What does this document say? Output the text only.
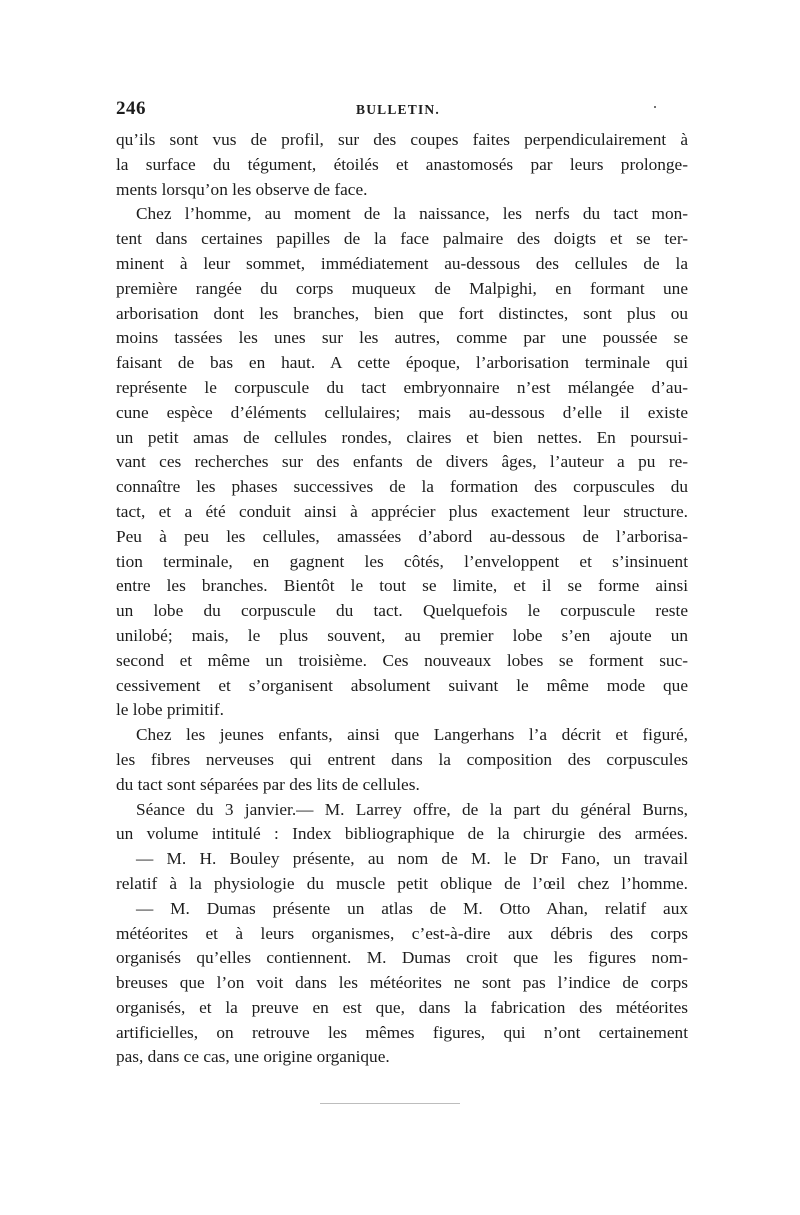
246	BULLETIN.
qu’ils sont vus de profil, sur des coupes faites perpendiculairement à
la surface du tégument, étoilés et anastomosés par leurs prolonge-
ments lorsqu’on les observe de face.
Chez l’homme, au moment de la naissance, les nerfs du tact mon-
tent dans certaines papilles de la face palmaire des doigts et se ter-
minent à leur sommet, immédiatement au-dessous des cellules de la
première rangée du corps muqueux de Malpighi, en formant une
arborisation dont les branches, bien que fort distinctes, sont plus ou
moins tassées les unes sur les autres, comme par une poussée se
faisant de bas en haut. A cette époque, l’arborisation terminale qui
représente le corpuscule du tact embryonnaire n’est mélangée d’au-
cune espèce d’éléments cellulaires; mais au-dessous d’elle il existe
un petit amas de cellules rondes, claires et bien nettes. En poursui-
vant ces recherches sur des enfants de divers âges, l’auteur a pu re-
connaître les phases successives de la formation des corpuscules du
tact, et a été conduit ainsi à apprécier plus exactement leur structure.
Peu à peu les cellules, amassées d’abord au-dessous de l’arborisa-
tion terminale, en gagnent les côtés, l’enveloppent et s’insinuent
entre les branches. Bientôt le tout se limite, et il se forme ainsi
un lobe du corpuscule du tact. Quelquefois le corpuscule reste
unilobé; mais, le plus souvent, au premier lobe s’en ajoute un
second et même un troisième. Ces nouveaux lobes se forment suc-
cessivement et s’organisent absolument suivant le même mode que
le lobe primitif.
Chez les jeunes enfants, ainsi que Langerhans l’a décrit et figuré,
les fibres nerveuses qui entrent dans la composition des corpuscules
du tact sont séparées par des lits de cellules.
Séance du 3 janvier.— M. Larrey offre, de la part du général Burns,
un volume intitulé : Index bibliographique de la chirurgie des armées.
— M. H. Bouley présente, au nom de M. le Dr Fano, un travail
relatif à la physiologie du muscle petit oblique de l’œil chez l’homme.
— M. Dumas présente un atlas de M. Otto Ahan, relatif aux
météorites et à leurs organismes, c’est-à-dire aux débris des corps
organisés qu’elles contiennent. M. Dumas croit que les figures nom-
breuses que l’on voit dans les météorites ne sont pas l’indice de corps
organisés, et la preuve en est que, dans la fabrication des météorites
artificielles, on retrouve les mêmes figures, qui n’ont certainement
pas, dans ce cas, une origine organique.
